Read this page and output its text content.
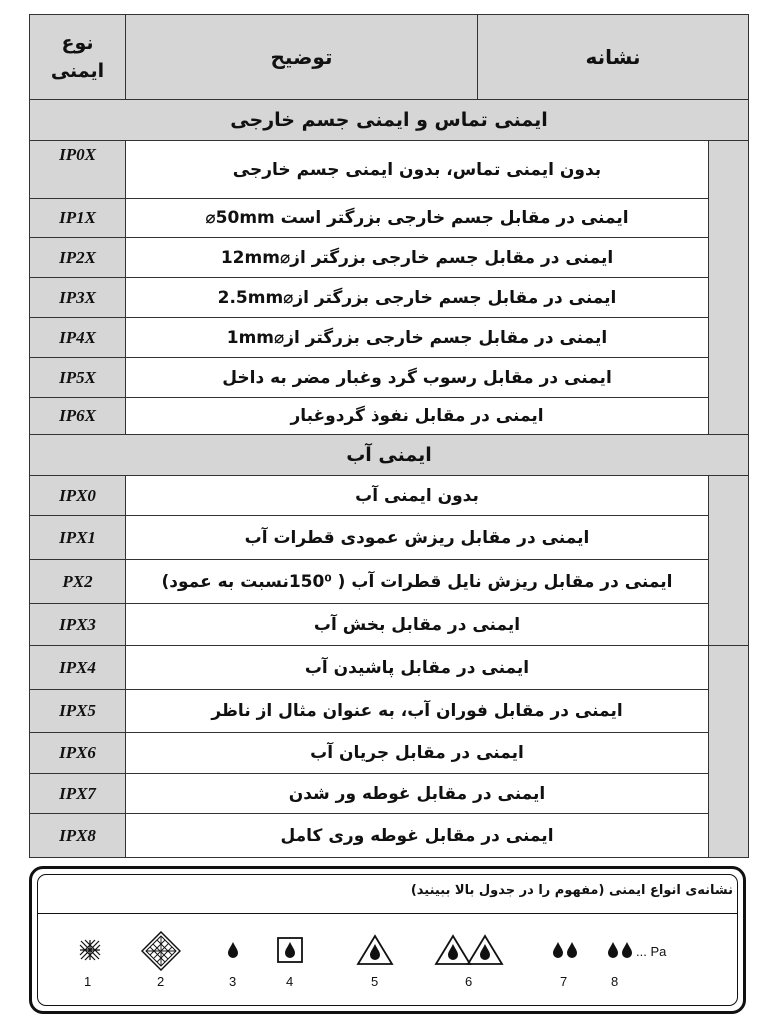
نوع
ایمنی	توضیح	نشانه	
ایمنی تماس و ایمنی جسم خارجی			
IP0X	بدون ایمنی تماس، بدون ایمنی جسم خارجی		
IP1X	ایمنی در مقابل جسم خارجی بزرگتر است 50mm⌀		
IP2X	ایمنی در مقابل جسم خارجی بزرگتر از⌀12mm		
IP3X	ایمنی در مقابل جسم خارجی بزرگتر از⌀2.5mm		
IP4X	ایمنی در مقابل جسم خارجی بزرگتر از⌀1mm		
IP5X	ایمنی در مقابل رسوب گرد وغبار مضر به داخل		
IP6X	ایمنی در مقابل نفوذ گردوغبار		
ایمنی آب			
IPX0	بدون ایمنی آب		
IPX1	ایمنی در مقابل ریزش عمودی قطرات آب		
PX2	ایمنی در مقابل ریزش نایل قطرات آب ( 150⁰نسبت به عمود)		
IPX3	ایمنی در مقابل بخش آب		
IPX4	ایمنی در مقابل پاشیدن آب		
IPX5	ایمنی در مقابل فوران آب، به عنوان مثال از ناظر		
IPX6	ایمنی در مقابل جریان آب		
IPX7	ایمنی در مقابل غوطه ور شدن		
IPX8	ایمنی در مقابل غوطه وری کامل		
نشانه‌ی انواع ایمنی (مفهوم را در جدول بالا ببینید)
... Pa
1	2	3	4	5	6	7	8
